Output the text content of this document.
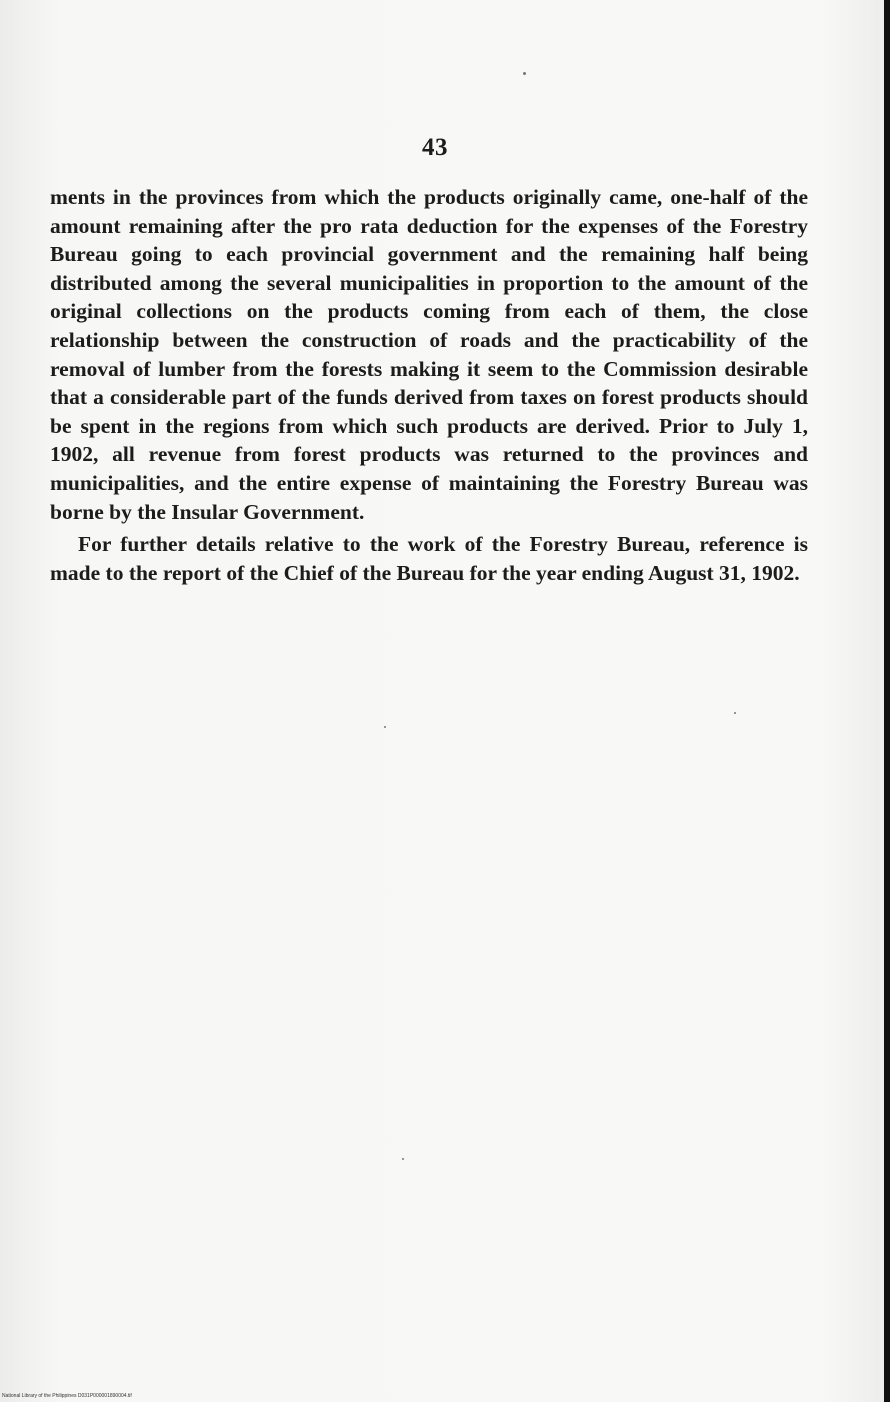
43

ments in the provinces from which the products originally came, one-half of the amount remaining after the pro rata deduction for the expenses of the Forestry Bureau going to each provincial government and the remaining half being distributed among the several municipalities in proportion to the amount of the original collections on the products coming from each of them, the close relationship between the construction of roads and the practicability of the removal of lumber from the forests making it seem to the Commission desirable that a considerable part of the funds derived from taxes on forest products should be spent in the regions from which such products are derived. Prior to July 1, 1902, all revenue from forest products was returned to the provinces and municipalities, and the entire expense of maintaining the Forestry Bureau was borne by the Insular Government.

For further details relative to the work of the Forestry Bureau, reference is made to the report of the Chief of the Bureau for the year ending August 31, 1902.

National Library of the Philippines D031P000001890004.tif
